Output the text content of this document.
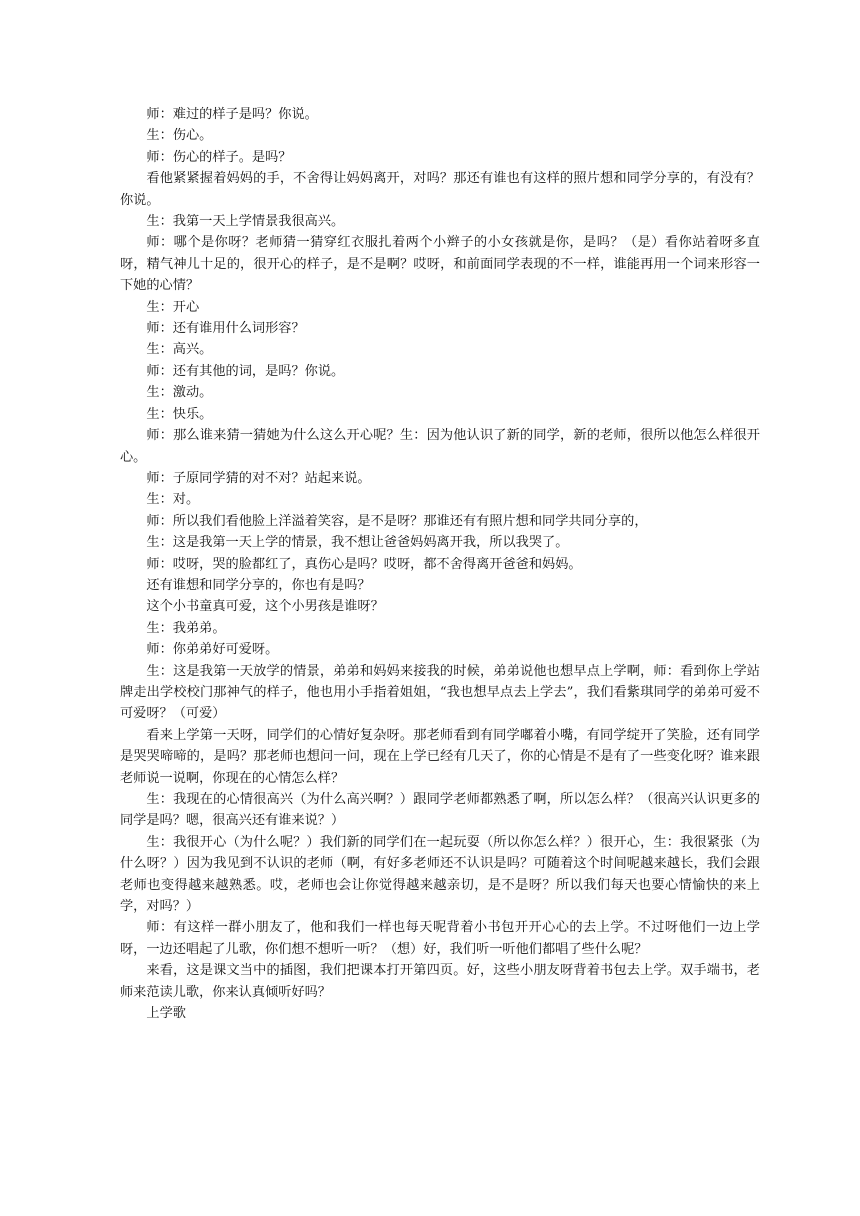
师：难过的样子是吗？你说。

生：伤心。

师：伤心的样子。是吗？

看他紧紧握着妈妈的手，不舍得让妈妈离开，对吗？那还有谁也有这样的照片想和同学分享的，有没有？你说。

生：我第一天上学情景我很高兴。

师：哪个是你呀？老师猜一猜穿红衣服扎着两个小辫子的小女孩就是你，是吗？（是）看你站着呀多直呀，精气神儿十足的，很开心的样子，是不是啊？哎呀，和前面同学表现的不一样，谁能再用一个词来形容一下她的心情？

生：开心

师：还有谁用什么词形容？

生：高兴。

师：还有其他的词，是吗？你说。

生：激动。

生：快乐。

师：那么谁来猜一猜她为什么这么开心呢？生：因为他认识了新的同学，新的老师，很所以他怎么样很开心。

师：子原同学猜的对不对？站起来说。

生：对。

师：所以我们看他脸上洋溢着笑容，是不是呀？那谁还有有照片想和同学共同分享的，

生：这是我第一天上学的情景，我不想让爸爸妈妈离开我，所以我哭了。

师：哎呀，哭的脸都红了，真伤心是吗？哎呀，都不舍得离开爸爸和妈妈。

还有谁想和同学分享的，你也有是吗？

这个小书童真可爱，这个小男孩是谁呀？

生：我弟弟。

师：你弟弟好可爱呀。

生：这是我第一天放学的情景，弟弟和妈妈来接我的时候，弟弟说他也想早点上学啊，师：看到你上学站牌走出学校校门那神气的样子，他也用小手指着姐姐，“我也想早点去上学去”，我们看紫琪同学的弟弟可爱不可爱呀？（可爱）

看来上学第一天呀，同学们的心情好复杂呀。那老师看到有同学嘟着小嘴，有同学绽开了笑脸，还有同学是哭哭啼啼的，是吗？那老师也想问一问，现在上学已经有几天了，你的心情是不是有了一些变化呀？谁来跟老师说一说啊，你现在的心情怎么样？

生：我现在的心情很高兴（为什么高兴啊？）跟同学老师都熟悉了啊，所以怎么样？（很高兴认识更多的同学是吗？嗯，很高兴还有谁来说？）

生：我很开心（为什么呢？）我们新的同学们在一起玩耍（所以你怎么样？）很开心，生：我很紧张（为什么呀？）因为我见到不认识的老师（啊，有好多老师还不认识是吗？可随着这个时间呢越来越长，我们会跟老师也变得越来越熟悉。哎，老师也会让你觉得越来越亲切，是不是呀？所以我们每天也要心情愉快的来上学，对吗？）

师：有这样一群小朋友了，他和我们一样也每天呢背着小书包开开心心的去上学。不过呀他们一边上学呀，一边还唱起了儿歌，你们想不想听一听？（想）好，我们听一听他们都唱了些什么呢？

来看，这是课文当中的插图，我们把课本打开第四页。好，这些小朋友呀背着书包去上学。双手端书，老师来范读儿歌，你来认真倾听好吗？

上学歌
